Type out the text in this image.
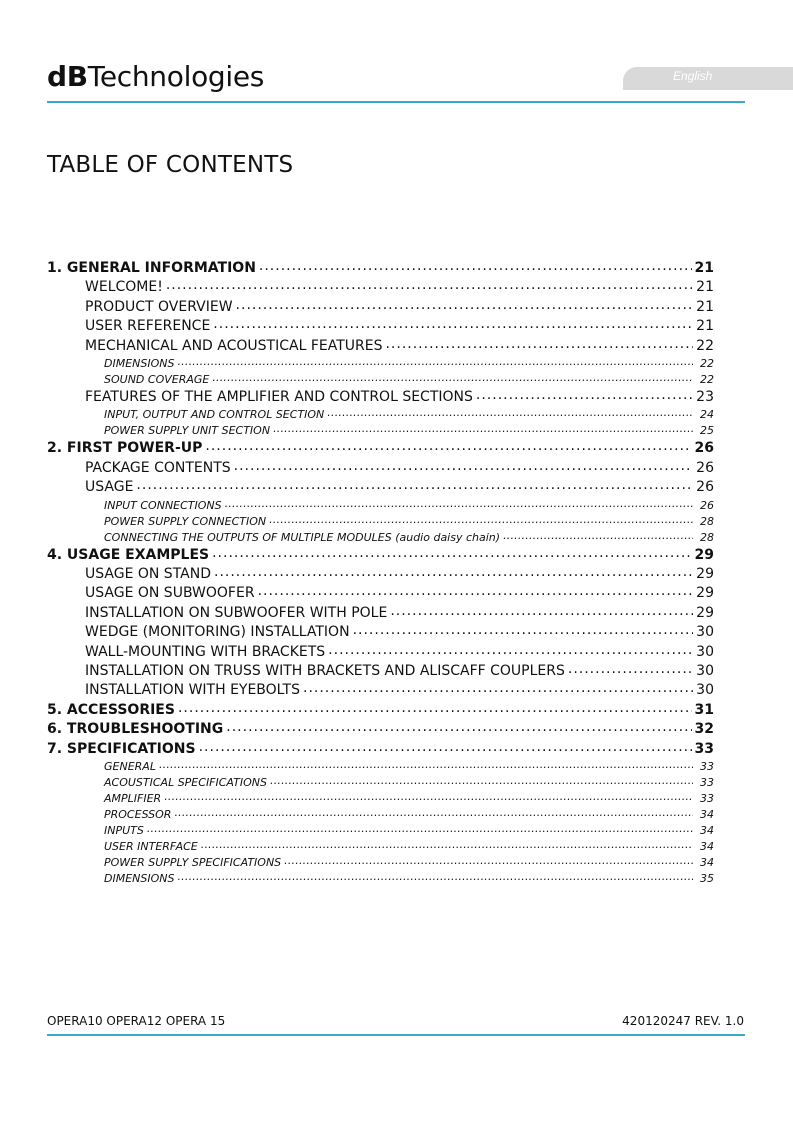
dBTechnologies	English
TABLE OF CONTENTS
1. GENERAL INFORMATION .....	21
WELCOME! .....	21
PRODUCT OVERVIEW .....	21
USER REFERENCE .....	21
MECHANICAL AND ACOUSTICAL FEATURES .....	22
DIMENSIONS .....	22
SOUND COVERAGE .....	22
FEATURES OF THE AMPLIFIER AND CONTROL SECTIONS .....	23
INPUT, OUTPUT AND CONTROL SECTION .....	24
POWER SUPPLY UNIT SECTION .....	25
2. FIRST POWER-UP .....	26
PACKAGE CONTENTS .....	26
USAGE .....	26
INPUT CONNECTIONS .....	26
POWER SUPPLY CONNECTION .....	28
CONNECTING THE OUTPUTS OF MULTIPLE MODULES (audio daisy chain) .....	28
4. USAGE EXAMPLES .....	29
USAGE ON STAND .....	29
USAGE ON SUBWOOFER .....	29
INSTALLATION ON SUBWOOFER WITH POLE .....	29
WEDGE (MONITORING) INSTALLATION .....	30
WALL-MOUNTING WITH BRACKETS .....	30
INSTALLATION ON TRUSS WITH BRACKETS AND ALISCAFF COUPLERS .....	30
INSTALLATION WITH EYEBOLTS .....	30
5. ACCESSORIES .....	31
6. TROUBLESHOOTING .....	32
7. SPECIFICATIONS .....	33
GENERAL .....	33
ACOUSTICAL SPECIFICATIONS .....	33
AMPLIFIER .....	33
PROCESSOR .....	34
INPUTS .....	34
USER INTERFACE .....	34
POWER SUPPLY SPECIFICATIONS .....	34
DIMENSIONS .....	35
OPERA10 OPERA12 OPERA 15	420120247 REV. 1.0
